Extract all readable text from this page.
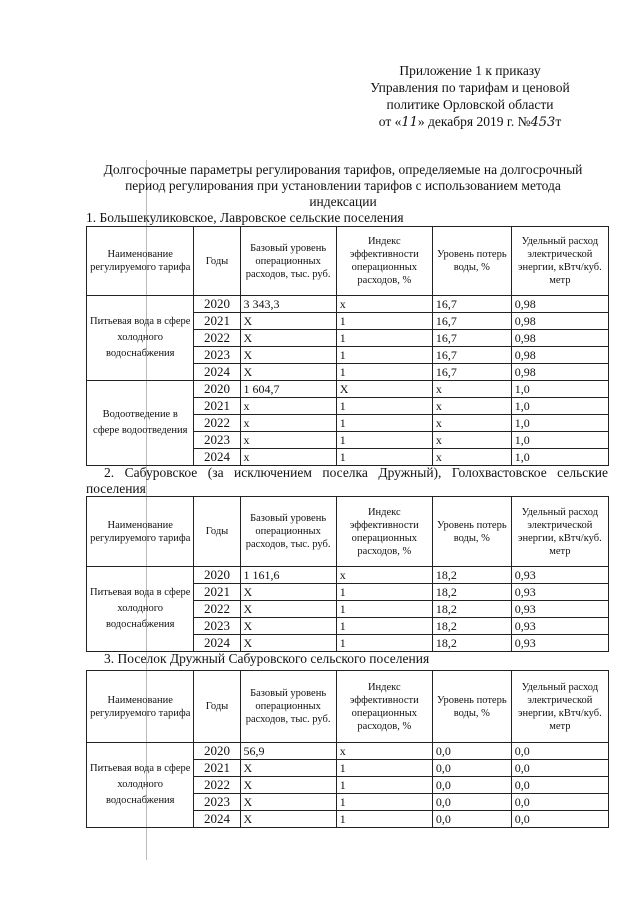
Приложение 1 к приказу
Управления по тарифам и ценовой
политике Орловской области
от «11» декабря 2019 г. №453т
Долгосрочные параметры регулирования тарифов, определяемые на долгосрочный
период регулирования при установлении тарифов с использованием метода
индексации
1. Большекуликовское, Лавровское сельские поселения
Наименование регулируемого тарифа	Годы	Базовый уровень операционных расходов, тыс. руб.	Индекс эффективности операционных расходов, %	Уровень потерь воды, %	Удельный расход электрической энергии, кВтч/куб. метр
Питьевая вода в сфере холодного водоснабжения	2020	3 343,3	x	16,7	0,98
	2021	X	1	16,7	0,98
	2022	X	1	16,7	0,98
	2023	X	1	16,7	0,98
	2024	X	1	16,7	0,98
Водоотведение в сфере водоотведения	2020	1 604,7	X	x	1,0
	2021	x	1	x	1,0
	2022	x	1	x	1,0
	2023	x	1	x	1,0
	2024	x	1	x	1,0
2. Сабуровское (за исключением поселка Дружный), Голохвастовское сельские поселения
Наименование регулируемого тарифа	Годы	Базовый уровень операционных расходов, тыс. руб.	Индекс эффективности операционных расходов, %	Уровень потерь воды, %	Удельный расход электрической энергии, кВтч/куб. метр
Питьевая вода в сфере холодного водоснабжения	2020	1 161,6	x	18,2	0,93
	2021	X	1	18,2	0,93
	2022	X	1	18,2	0,93
	2023	X	1	18,2	0,93
	2024	X	1	18,2	0,93
3. Поселок Дружный Сабуровского сельского поселения
Наименование регулируемого тарифа	Годы	Базовый уровень операционных расходов, тыс. руб.	Индекс эффективности операционных расходов, %	Уровень потерь воды, %	Удельный расход электрической энергии, кВтч/куб. метр
Питьевая вода в сфере холодного водоснабжения	2020	56,9	x	0,0	0,0
	2021	X	1	0,0	0,0
	2022	X	1	0,0	0,0
	2023	X	1	0,0	0,0
	2024	X	1	0,0	0,0
